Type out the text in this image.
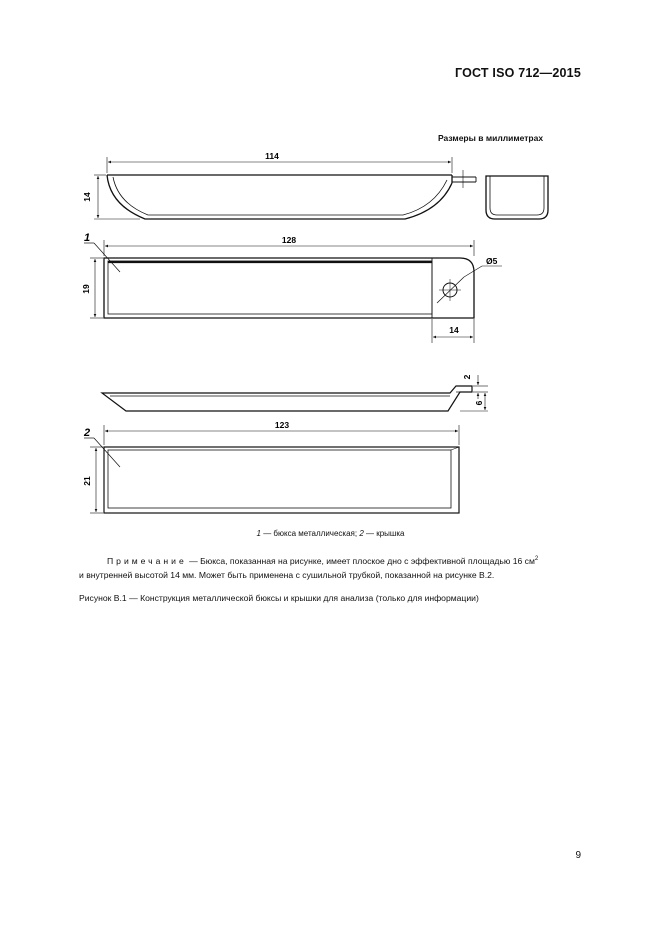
ГОСТ ISO 712—2015
Размеры в миллиметрах
114
14
1	128
19
Ø5
14
2
6
2
123
21
1 — бюкса металлическая; 2 — крышка
Примечание — Бюкса, показанная на рисунке, имеет плоское дно с эффективной площадью 16 $см^2$
и внутренней высотой 14 мм. Может быть применена с сушильной трубкой, показанной на рисунке В.2.
Рисунок В.1 — Конструкция металлической бюксы и крышки для анализа (только для информации)
9
